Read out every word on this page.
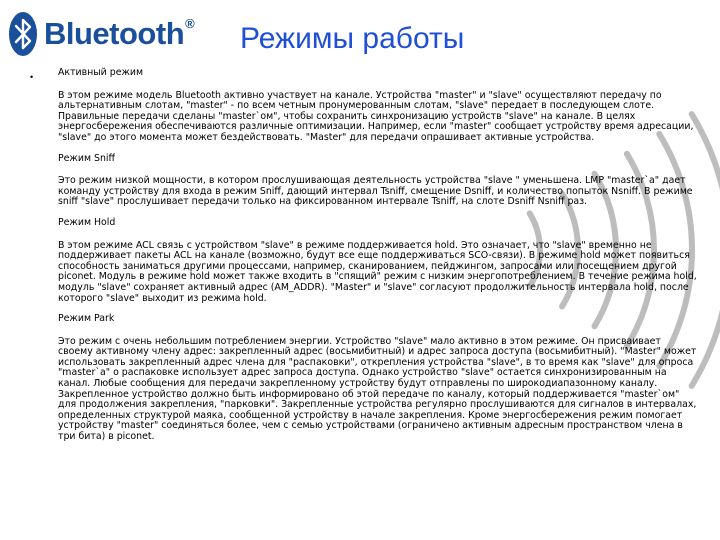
Bluetooth® Режимы работы
•	Активный режим

В этом режиме модель Bluetooth активно участвует на канале. Устройства "master" и "slave" осуществляют передачу по альтернативным слотам, "master" - по всем четным пронумерованным слотам, "slave" передает в последующем слоте. Правильные передачи сделаны "master`ом", чтобы сохранить синхронизацию устройств "slave" на канале. В целях энергосбережения обеспечиваются различные оптимизации. Например, если "master" сообщает устройству время адресации, "slave" до этого момента может бездействовать. "Master" для передачи опрашивает активные устройства.

Режим Sniff

Это режим низкой мощности, в котором прослушивающая деятельность устройства "slave " уменьшена. LMP "master`а" дает команду устройству для входа в режим Sniff, дающий интервал Tsniff, смещение Dsniff, и количество попыток Nsniff. В режиме sniff "slave" прослушивает передачи только на фиксированном интервале Tsniff, на слоте Dsniff Nsniff раз.

Режим Hold

В этом режиме ACL связь с устройством "slave" в режиме поддерживается hold. Это означает, что "slave" временно не поддерживает пакеты ACL на канале (возможно, будут все еще поддерживаться SCO-связи). В режиме hold может появиться способность заниматься другими процессами, например, сканированием, пейджингом, запросами или посещением другой piconet. Модуль в режиме hold может также входить в "спящий" режим с низким энергопотреблением. В течение режима hold, модуль "slave" сохраняет активный адрес (AM_ADDR). "Master" и "slave" согласуют продолжительность интервала hold, после которого "slave" выходит из режима hold.

Режим Park

Это режим с очень небольшим потреблением энергии. Устройство "slave" мало активно в этом режиме. Он присваивает своему активному члену адрес: закрепленный адрес (восьмибитный) и адрес запроса доступа (восьмибитный). "Master" может использовать закрепленный адрес члена для "распаковки", открепления устройства "slave", в то время как "slave" для опроса "master`а" о распаковке использует адрес запроса доступа. Однако устройство "slave" остается синхронизированным на канал. Любые сообщения для передачи закрепленному устройству будут отправлены по широкодиапазонному каналу. Закрепленное устройство должно быть информировано об этой передаче по каналу, который поддерживается "master`ом" для продолжения закрепления, "парковки". Закрепленные устройства регулярно прослушиваются для сигналов в интервалах, определенных структурой маяка, сообщенной устройству в начале закрепления. Кроме энергосбережения режим помогает устройству "master" соединяться более, чем с семью устройствами (ограничено активным адресным пространством члена в три бита) в piconet.
